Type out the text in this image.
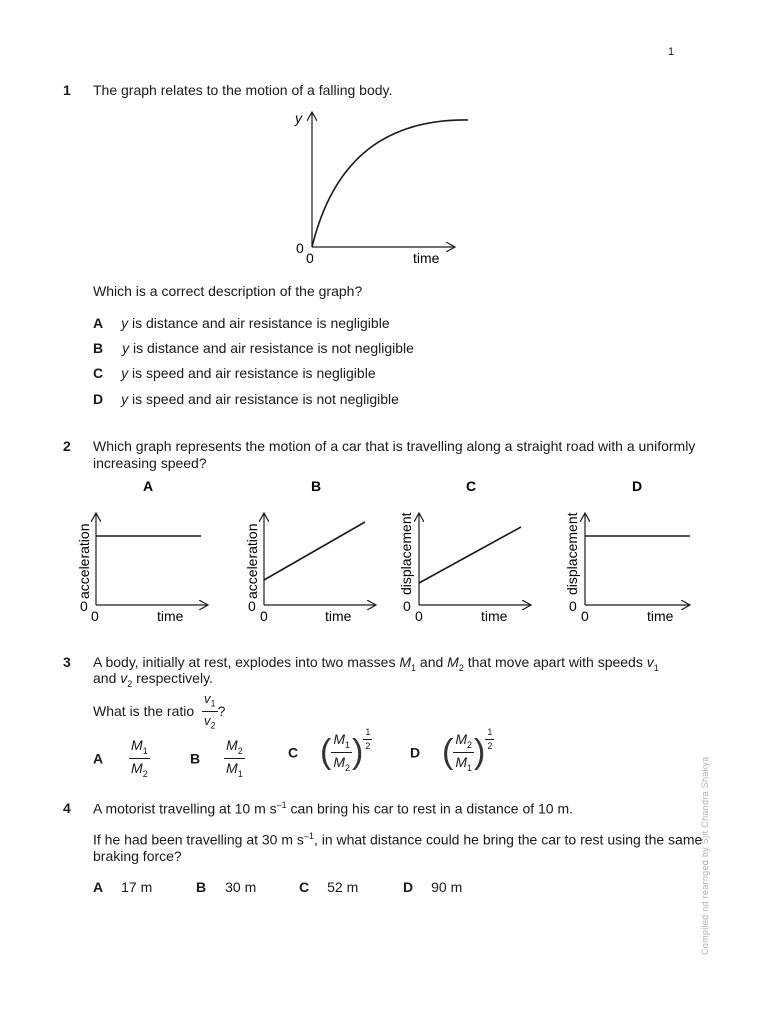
1
1 The graph relates to the motion of a falling body.
y
0
0	time
Which is a correct description of the graph?
A y is distance and air resistance is negligible
B y is distance and air resistance is not negligible
C y is speed and air resistance is negligible
D y is speed and air resistance is not negligible
2 Which graph represents the motion of a car that is travelling along a straight road with a uniformly
increasing speed?
A
acceleration
0
0	time
B
acceleration
0
0	time
C
displacement
0
0	time
D
displacement
0
0	time
3 A body, initially at rest, explodes into two masses $M_1$ and $M_2$ that move apart with speeds $v_1$
and $v_2$ respectively.
What is the ratio $\frac{v_1}{v_2}$ ?
A $\frac{M_1}{M_2}$	B $\frac{M_2}{M_1}$	C ( $\frac{M_1}{M_2}$ ) $\frac{1}{2}$
D ( $\frac{M_2}{M_1}$ ) $\frac{1}{2}$
4 A motorist travelling at 10 m $s^{-1}$ can bring his car to rest in a distance of 10 m.
If he had been travelling at 30 m $s^{-1}$, in what distance could he bring the car to rest using the same
braking force?
A 17 m	B 30 m	C 52 m	D 90 m	Compiled nd rearnged by Sjit Chandra Shakya
